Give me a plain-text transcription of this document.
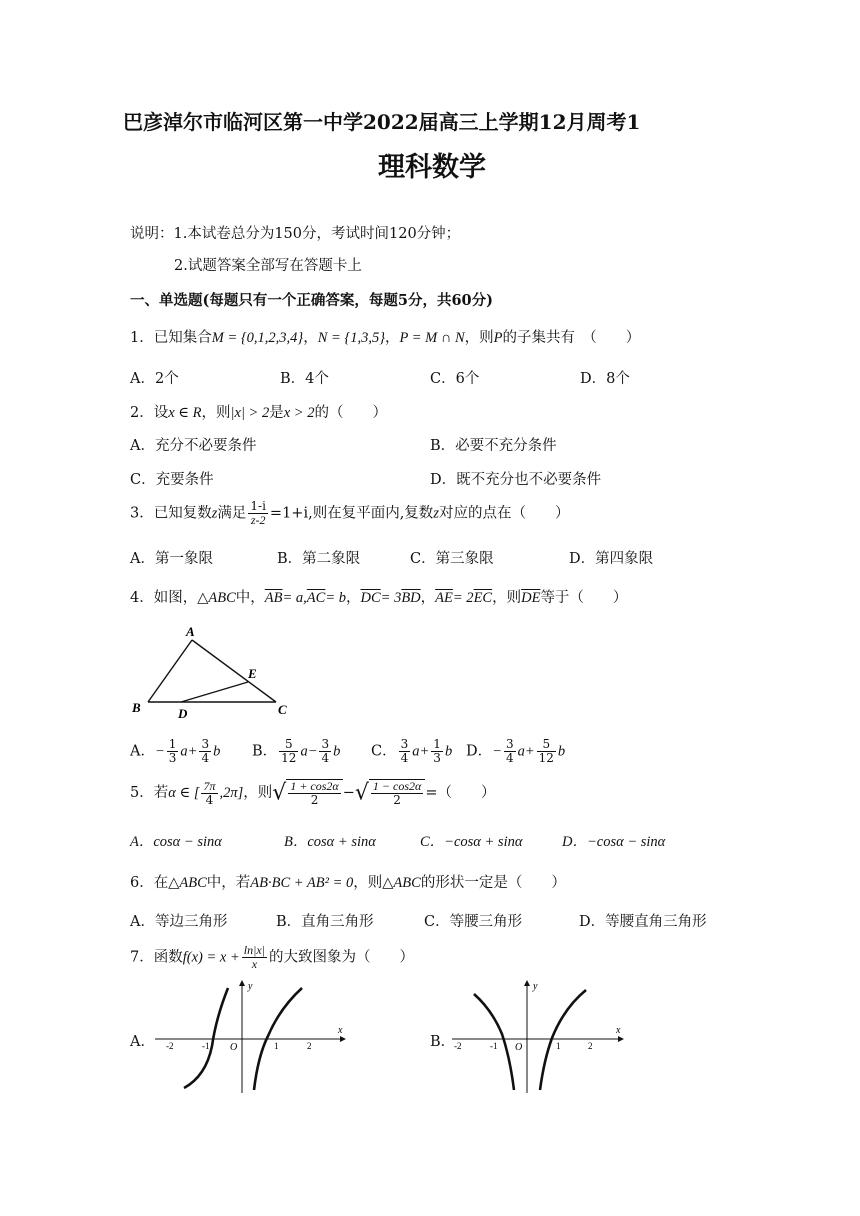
巴彦淖尔市临河区第一中学2022届高三上学期12月周考1
理科数学
说明：1.本试卷总分为150分，考试时间120分钟；
2.试题答案全部写在答题卡上
一、单选题(每题只有一个正确答案，每题5分，共60分)
1．已知集合M = {0,1,2,3,4}，N = {1,3,5}，P = M ∩ N，则P的子集共有　（　　）
A．2个	B．4个	C．6个	D．8个
2．设x ∈ R，则|x| > 2是x > 2的（　　）
A．充分不必要条件	B．必要不充分条件
C．充要条件	D．既不充分也不必要条件
3．已知复数z满足 $\frac{1-i}{z-2} =1+i$,则在复平面内,复数z对应的点在（　　）
A．第一象限	B．第二象限	C．第三象限	D．第四象限
4．如图，△ABC中，$\overline{AB}= a,\overline{AC}= b$，$\overline{DC}= 3\overline{BD}$，$\overline{AE}= 2\overline{EC}$，则$\overline{DE}$等于（　　）
A
B	C
D
E
A．− $\frac{1}{3} a+ \frac{3}{4}$ b B． $\frac{5}{12} a- \frac{3}{4}$ b C． $\frac{3}{4} a+ \frac{1}{3}$ b D．− $\frac{3}{4} a+ \frac{5}{12}$ b
5．若α ∈ [ $\frac{7\pi}{4} ,2\pi$]，则√ $\frac{1 + \cos 2\alpha}{2}$ −√ $\frac{1 - \cos 2\alpha}{2}$ =（　　）
A．cosα − sinα	B．cosα + sinα	C．−cosα + sinα	D．−cosα − sinα
6．在△ABC中，若AB·BC + AB² = 0，则△ABC的形状一定是（　　）
A．等边三角形	B．直角三角形	C．等腰三角形	D．等腰直角三角形
7．函数$f(x) = x + \frac{\ln|x|}{x}$ 的大致图象为（　　）
A．
y
x
O
-2	-1	1	2	B．
y
x
O
-2	-1	1	2
